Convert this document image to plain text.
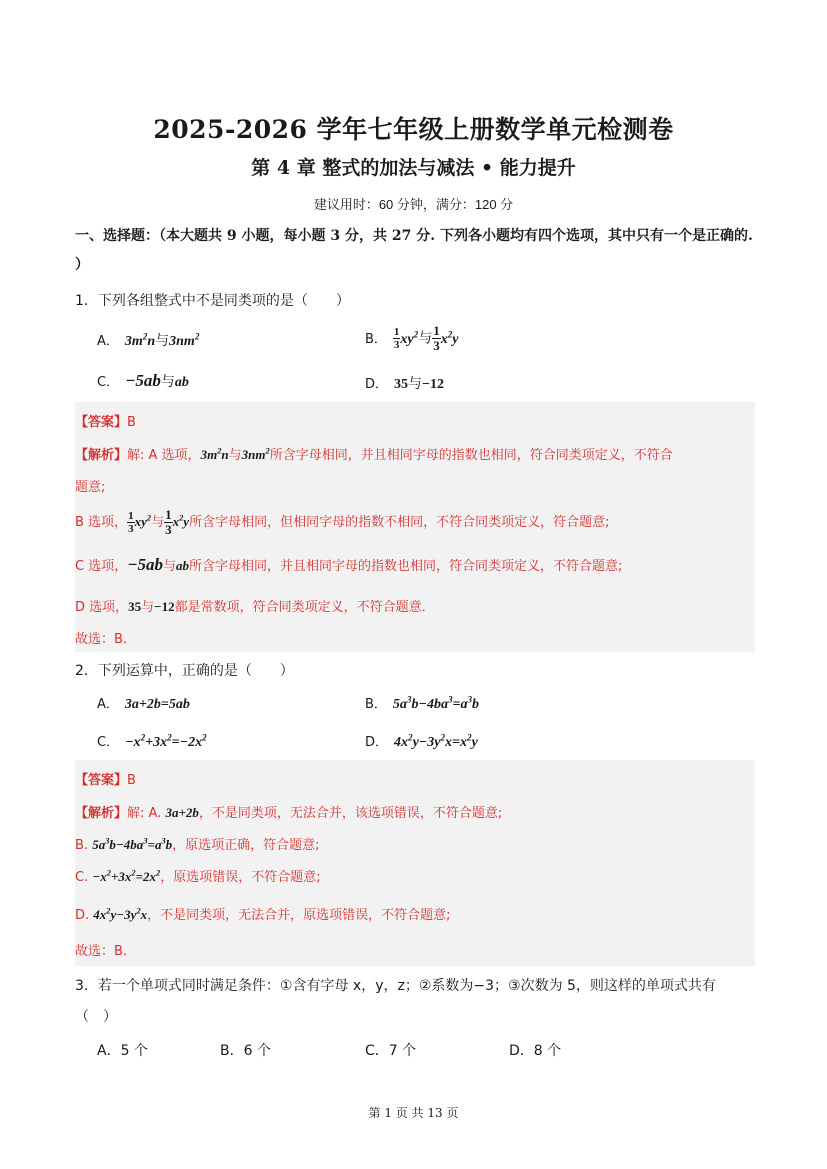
2025-2026 学年七年级上册数学单元检测卷
第 4 章 整式的加法与减法 • 能力提升
建议用时：60 分钟，满分：120 分
一、选择题：（本大题共 9 小题，每小题 3 分，共 27 分. 下列各小题均有四个选项，其中只有一个是正确的. ）
1．下列各组整式中不是同类项的是（　　）
A． $3m^2n$与$3nm^2$	B． $\frac{1}{3} xy^2$与 $\frac{1}{3} x^2y$
C． −5ab与ab	D． 35与−12
【答案】B
【解析】解: A 选项，$3m^2n$与$3nm^2$所含字母相同，并且相同字母的指数也相同，符合同类项定义，不符合
题意;
B 选项， $\frac{1}{3} xy^2$与 $\frac{1}{3} x^2y$所含字母相同，但相同字母的指数不相同，不符合同类项定义，符合题意;
C 选项，−5ab与ab所含字母相同，并且相同字母的指数也相同，符合同类项定义，不符合题意;
D 选项，35与−12都是常数项，符合同类项定义，不符合题意．
故选：B．
2．下列运算中，正确的是（　　）
A． 3a+2b=5ab	B． $5a^3b-4ba^3=a^3b$
C． $-x^2+3x^2=-2x^2$	D． $4x^2y-3y^2x=x^2y$
【答案】B
【解析】解: A. 3a+2b，不是同类项，无法合并，该选项错误，不符合题意;
B. $5a^3b-4ba^3=a^3b$，原选项正确，符合题意;
C. $-x^2+3x^2=2x^2$，原选项错误，不符合题意;
D. $4x^2y-3y^2x$，不是同类项，无法合并，原选项错误，不符合题意;
故选：B．
3．若一个单项式同时满足条件：①含有字母 x，y，z；②系数为−3；③次数为 5，则这样的单项式共有
（　）
A．5 个	B．6 个	C．7 个	D．8 个
第 1 页 共 13 页
